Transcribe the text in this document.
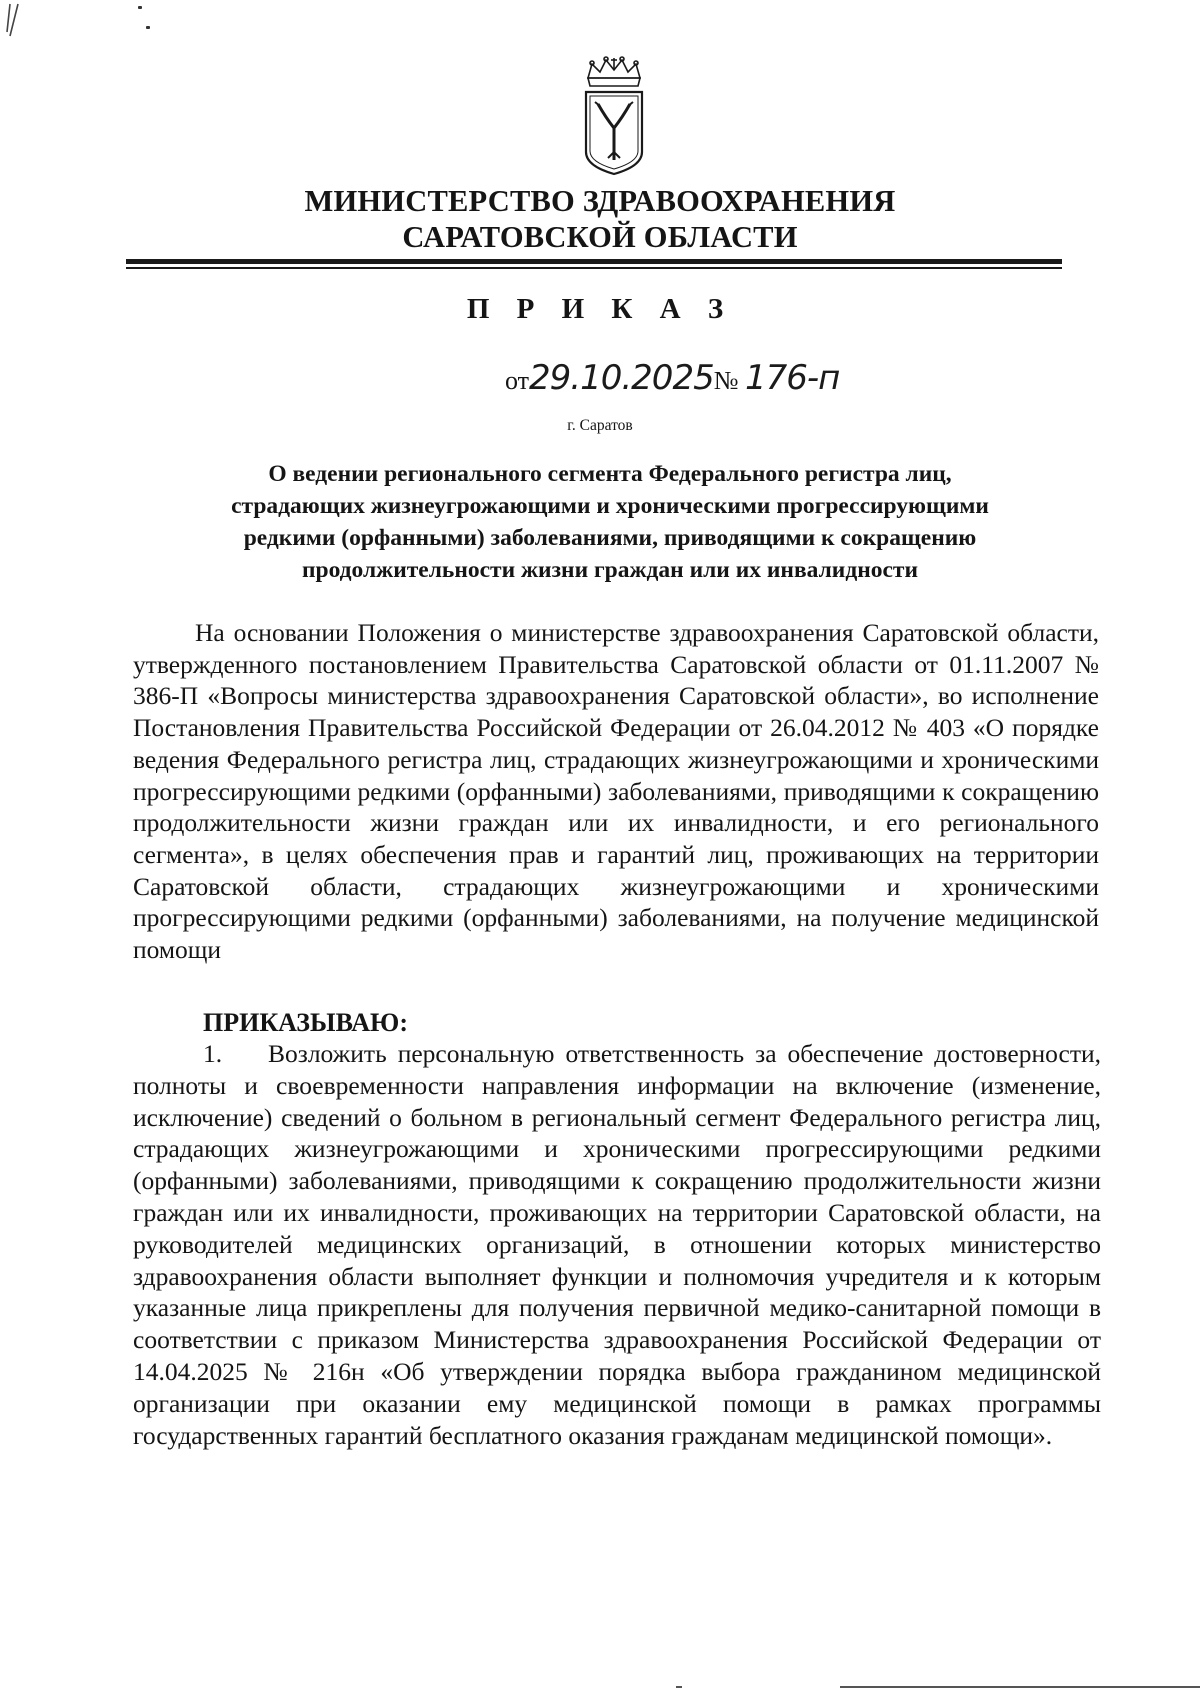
МИНИСТЕРСТВО ЗДРАВООХРАНЕНИЯ
САРАТОВСКОЙ ОБЛАСТИ
П Р И К А З
от29.10.2025№ 176-п
г. Саратов
О ведении регионального сегмента Федерального регистра лиц,
страдающих жизнеугрожающими и хроническими прогрессирующими
редкими (орфанными) заболеваниями, приводящими к сокращению
продолжительности жизни граждан или их инвалидности
На основании Положения о министерстве здравоохранения Саратовской области, утвержденного постановлением Правительства Саратовской области от 01.11.2007 № 386-П «Вопросы министерства здравоохранения Саратовской области», во исполнение Постановления Правительства Российской Федерации от 26.04.2012 № 403 «О порядке ведения Федерального регистра лиц, страдающих жизнеугрожающими и хроническими прогрессирующими редкими (орфанными) заболеваниями, приводящими к сокращению продолжительности жизни граждан или их инвалидности, и его регионального сегмента», в целях обеспечения прав и гарантий лиц, проживающих на территории Саратовской области, страдающих жизнеугрожающими и хроническими прогрессирующими редкими (орфанными) заболеваниями, на получение медицинской помощи
ПРИКАЗЫВАЮ:
1. Возложить персональную ответственность за обеспечение достоверности, полноты и своевременности направления информации на включение (изменение, исключение) сведений о больном в региональный сегмент Федерального регистра лиц, страдающих жизнеугрожающими и хроническими прогрессирующими редкими (орфанными) заболеваниями, приводящими к сокращению продолжительности жизни граждан или их инвалидности, проживающих на территории Саратовской области, на руководителей медицинских организаций, в отношении которых министерство здравоохранения области выполняет функции и полномочия учредителя и к которым указанные лица прикреплены для получения первичной медико-санитарной помощи в соответствии с приказом Министерства здравоохранения Российской Федерации от 14.04.2025 № 216н «Об утверждении порядка выбора гражданином медицинской организации при оказании ему медицинской помощи в рамках программы государственных гарантий бесплатного оказания гражданам медицинской помощи».
